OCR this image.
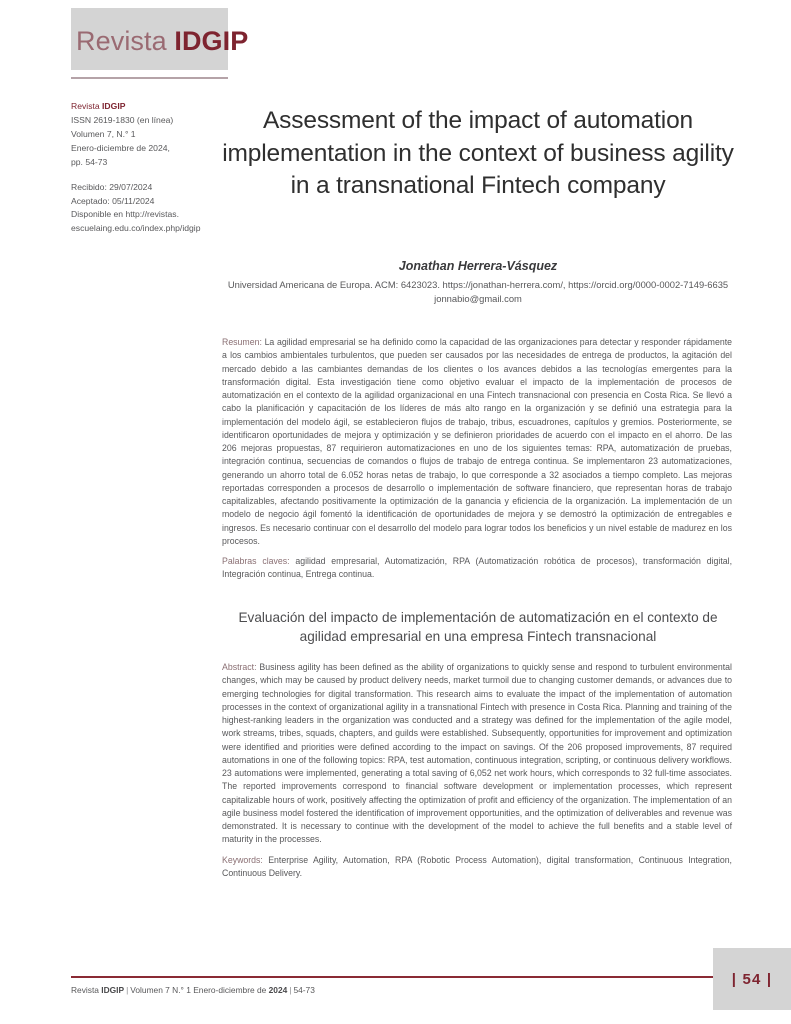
Revista IDGIP
Revista IDGIP
ISSN 2619-1830 (en línea)
Volumen 7, N.° 1
Enero-diciembre de 2024,
pp. 54-73
Recibido: 29/07/2024
Aceptado: 05/11/2024
Disponible en http://revistas.
escuelaing.edu.co/index.php/idgip
Assessment of the impact of automation implementation in the context of business agility in a transnational Fintech company
Jonathan Herrera-Vásquez
Universidad Americana de Europa. ACM: 6423023. https://jonathan-herrera.com/, https://orcid.org/0000-0002-7149-6635
jonnabio@gmail.com

Resumen: La agilidad empresarial se ha definido como la capacidad de las organizaciones para detectar y responder rápidamente a los cambios ambientales turbulentos, que pueden ser causados por las necesidades de entrega de productos, la agitación del mercado debido a las cambiantes demandas de los clientes o los avances debidos a las tecnologías emergentes para la transformación digital. Esta investigación tiene como objetivo evaluar el impacto de la implementación de procesos de automatización en el contexto de la agilidad organizacional en una Fintech transnacional con presencia en Costa Rica. Se llevó a cabo la planificación y capacitación de los líderes de más alto rango en la organización y se definió una estrategia para la implementación del modelo ágil, se establecieron flujos de trabajo, tribus, escuadrones, capítulos y gremios. Posteriormente, se identificaron oportunidades de mejora y optimización y se definieron prioridades de acuerdo con el impacto en el ahorro. De las 206 mejoras propuestas, 87 requirieron automatizaciones en uno de los siguientes temas: RPA, automatización de pruebas, integración continua, secuencias de comandos o flujos de trabajo de entrega continua. Se implementaron 23 automatizaciones, generando un ahorro total de 6.052 horas netas de trabajo, lo que corresponde a 32 asociados a tiempo completo. Las mejoras reportadas corresponden a procesos de desarrollo o implementación de software financiero, que representan horas de trabajo capitalizables, afectando positivamente la optimización de la ganancia y eficiencia de la organización. La implementación de un modelo de negocio ágil fomentó la identificación de oportunidades de mejora y se demostró la optimización de entregables e ingresos. Es necesario continuar con el desarrollo del modelo para lograr todos los beneficios y un nivel estable de madurez en los procesos.

Palabras claves: agilidad empresarial, Automatización, RPA (Automatización robótica de procesos), transformación digital, Integración continua, Entrega continua.

Evaluación del impacto de implementación de automatización en el contexto de agilidad empresarial en una empresa Fintech transnacional

Abstract: Business agility has been defined as the ability of organizations to quickly sense and respond to turbulent environmental changes, which may be caused by product delivery needs, market turmoil due to changing customer demands, or advances due to emerging technologies for digital transformation. This research aims to evaluate the impact of the implementation of automation processes in the context of organizational agility in a transnational Fintech with presence in Costa Rica. Planning and training of the highest-ranking leaders in the organization was conducted and a strategy was defined for the implementation of the agile model, work streams, tribes, squads, chapters, and guilds were established. Subsequently, opportunities for improvement and optimization were identified and priorities were defined according to the impact on savings. Of the 206 proposed improvements, 87 required automations in one of the following topics: RPA, test automation, continuous integration, scripting, or continuous delivery workflows. 23 automations were implemented, generating a total saving of 6,052 net work hours, which corresponds to 32 full-time associates. The reported improvements correspond to financial software development or implementation processes, which represent capitalizable hours of work, positively affecting the optimization of profit and efficiency of the organization. The implementation of an agile business model fostered the identification of improvement opportunities, and the optimization of deliverables and revenue was demonstrated. It is necessary to continue with the development of the model to achieve the full benefits and a stable level of maturity in the processes.

Keywords: Enterprise Agility, Automation, RPA (Robotic Process Automation), digital transformation, Continuous Integration, Continuous Delivery.

Revista IDGIP | Volumen 7 N.° 1 Enero-diciembre de 2024 | 54-73
| 54 |
